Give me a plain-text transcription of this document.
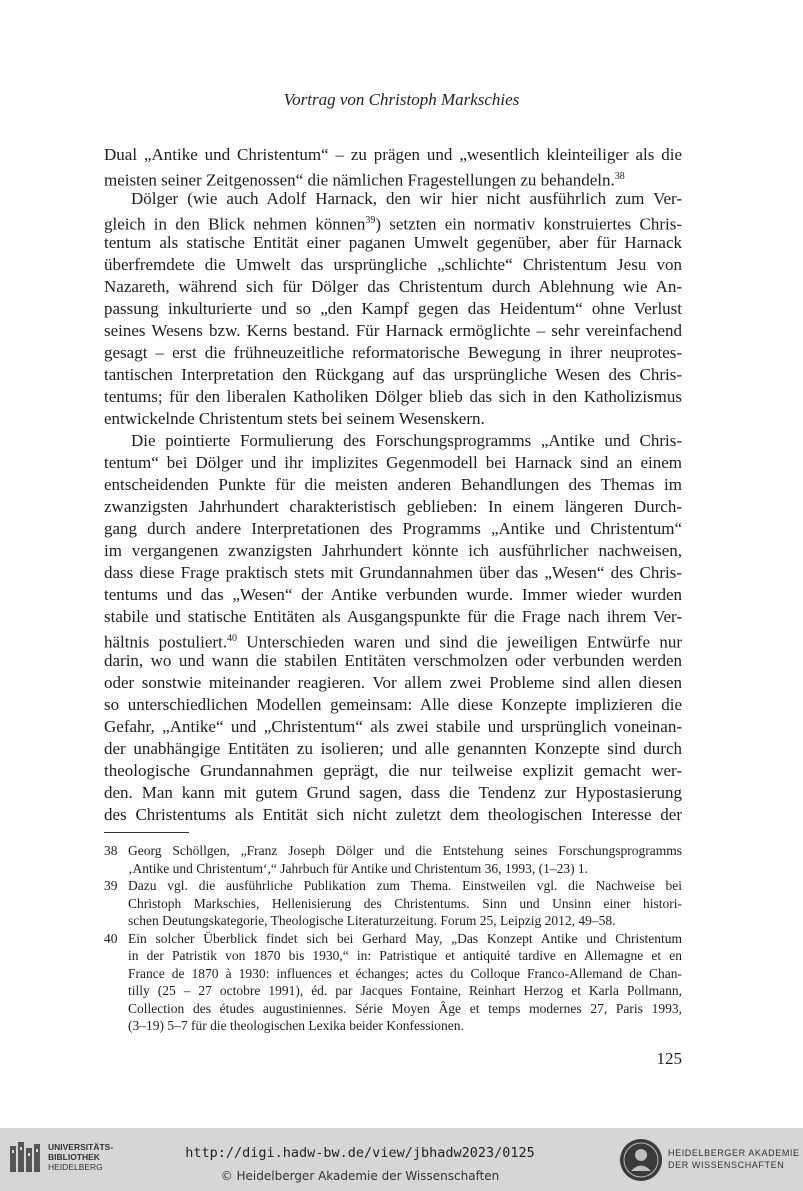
Vortrag von Christoph Markschies
Dual „Antike und Christentum“ – zu prägen und „wesentlich kleinteiliger als die
meisten seiner Zeitgenossen“ die nämlichen Fragestellungen zu behandeln.$^{38}$
Dölger (wie auch Adolf Harnack, den wir hier nicht ausführlich zum Ver-
gleich in den Blick nehmen können$^{39}$) setzten ein normativ konstruiertes Chris-
tentum als statische Entität einer paganen Umwelt gegenüber, aber für Harnack
überfremdete die Umwelt das ursprüngliche „schlichte“ Christentum Jesu von
Nazareth, während sich für Dölger das Christentum durch Ablehnung wie An-
passung inkulturierte und so „den Kampf gegen das Heidentum“ ohne Verlust
seines Wesens bzw. Kerns bestand. Für Harnack ermöglichte – sehr vereinfachend
gesagt – erst die frühneuzeitliche reformatorische Bewegung in ihrer neuprotes-
tantischen Interpretation den Rückgang auf das ursprüngliche Wesen des Chris-
tentums; für den liberalen Katholiken Dölger blieb das sich in den Katholizismus
entwickelnde Christentum stets bei seinem Wesenskern.
Die pointierte Formulierung des Forschungsprogramms „Antike und Chris-
tentum“ bei Dölger und ihr implizites Gegenmodell bei Harnack sind an einem
entscheidenden Punkte für die meisten anderen Behandlungen des Themas im
zwanzigsten Jahrhundert charakteristisch geblieben: In einem längeren Durch-
gang durch andere Interpretationen des Programms „Antike und Christentum“
im vergangenen zwanzigsten Jahrhundert könnte ich ausführlicher nachweisen,
dass diese Frage praktisch stets mit Grundannahmen über das „Wesen“ des Chris-
tentums und das „Wesen“ der Antike verbunden wurde. Immer wieder wurden
stabile und statische Entitäten als Ausgangspunkte für die Frage nach ihrem Ver-
hältnis postuliert.$^{40}$ Unterschieden waren und sind die jeweiligen Entwürfe nur
darin, wo und wann die stabilen Entitäten verschmolzen oder verbunden werden
oder sonstwie miteinander reagieren. Vor allem zwei Probleme sind allen diesen
so unterschiedlichen Modellen gemeinsam: Alle diese Konzepte implizieren die
Gefahr, „Antike“ und „Christentum“ als zwei stabile und ursprünglich voneinan-
der unabhängige Entitäten zu isolieren; und alle genannten Konzepte sind durch
theologische Grundannahmen geprägt, die nur teilweise explizit gemacht wer-
den. Man kann mit gutem Grund sagen, dass die Tendenz zur Hypostasierung
des Christentums als Entität sich nicht zuletzt dem theologischen Interesse der
38 Georg Schöllgen, „Franz Joseph Dölger und die Entstehung seines Forschungsprogramms
‚Antike und Christentum‘,“ Jahrbuch für Antike und Christentum 36, 1993, (1–23) 1.
39 Dazu vgl. die ausführliche Publikation zum Thema. Einstweilen vgl. die Nachweise bei
Christoph Markschies, Hellenisierung des Christentums. Sinn und Unsinn einer histori-
schen Deutungskategorie, Theologische Literaturzeitung. Forum 25, Leipzig 2012, 49–58.
40 Ein solcher Überblick findet sich bei Gerhard May, „Das Konzept Antike und Christentum
in der Patristik von 1870 bis 1930,“ in: Patristique et antiquité tardive en Allemagne et en
France de 1870 à 1930: influences et échanges; actes du Colloque Franco-Allemand de Chan-
tilly (25 – 27 octobre 1991), éd. par Jacques Fontaine, Reinhart Herzog et Karla Pollmann,
Collection des études augustiniennes. Série Moyen Âge et temps modernes 27, Paris 1993,
(3–19) 5–7 für die theologischen Lexika beider Konfessionen.
125
UNIVERSITÄTS-
BIBLIOTHEK
HEIDELBERG
http://digi.hadw-bw.de/view/jbhadw2023/0125
© Heidelberger Akademie der Wissenschaften
HEIDELBERGER AKADEMIE
DER WISSENSCHAFTEN
